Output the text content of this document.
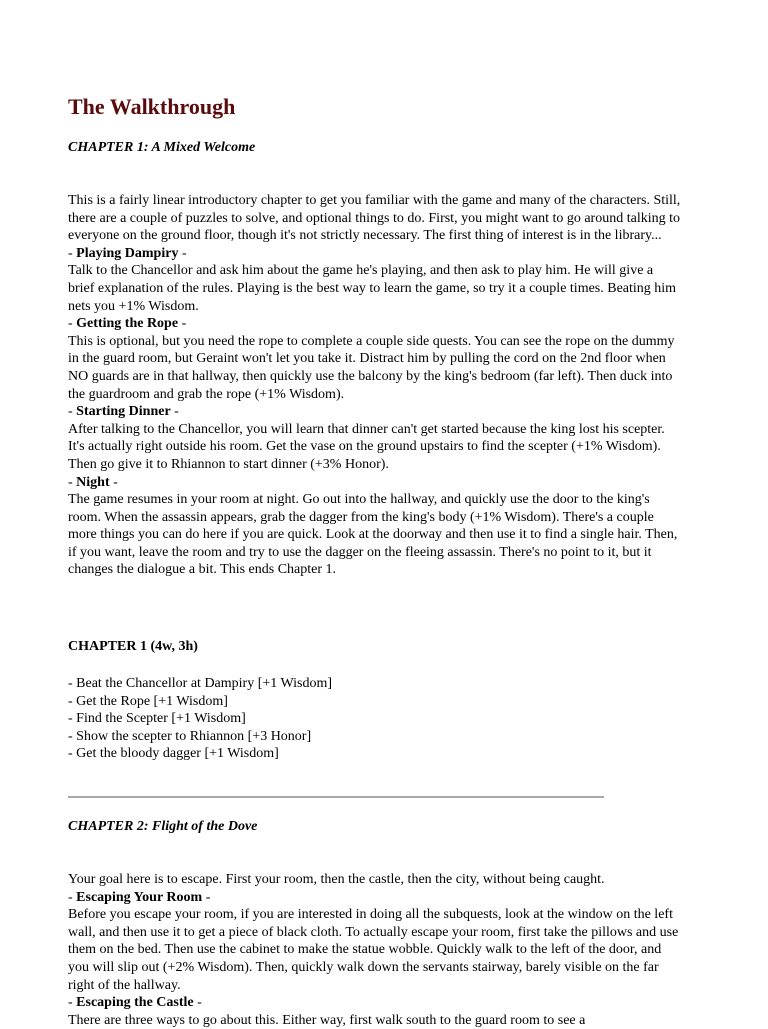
The Walkthrough
CHAPTER 1: A Mixed Welcome

This is a fairly linear introductory chapter to get you familiar with the game and many of the characters. Still, there are a couple of puzzles to solve, and optional things to do. First, you might want to go around talking to everyone on the ground floor, though it's not strictly necessary. The first thing of interest is in the library...

- Playing Dampiry -

Talk to the Chancellor and ask him about the game he's playing, and then ask to play him. He will give a brief explanation of the rules. Playing is the best way to learn the game, so try it a couple times. Beating him nets you +1% Wisdom.

- Getting the Rope -

This is optional, but you need the rope to complete a couple side quests. You can see the rope on the dummy in the guard room, but Geraint won't let you take it. Distract him by pulling the cord on the 2nd floor when NO guards are in that hallway, then quickly use the balcony by the king's bedroom (far left). Then duck into the guardroom and grab the rope (+1% Wisdom).

- Starting Dinner -

After talking to the Chancellor, you will learn that dinner can't get started because the king lost his scepter. It's actually right outside his room. Get the vase on the ground upstairs to find the scepter (+1% Wisdom). Then go give it to Rhiannon to start dinner (+3% Honor).

- Night -

The game resumes in your room at night. Go out into the hallway, and quickly use the door to the king's room. When the assassin appears, grab the dagger from the king's body (+1% Wisdom). There's a couple more things you can do here if you are quick. Look at the doorway and then use it to find a single hair. Then, if you want, leave the room and try to use the dagger on the fleeing assassin. There's no point to it, but it changes the dialogue a bit. This ends Chapter 1.

CHAPTER 1 (4w, 3h)
- Beat the Chancellor at Dampiry [+1 Wisdom]
- Get the Rope [+1 Wisdom]
- Find the Scepter [+1 Wisdom]
- Show the scepter to Rhiannon [+3 Honor]
- Get the bloody dagger [+1 Wisdom]
CHAPTER 2: Flight of the Dove

Your goal here is to escape. First your room, then the castle, then the city, without being caught.

- Escaping Your Room -

Before you escape your room, if you are interested in doing all the subquests, look at the window on the left wall, and then use it to get a piece of black cloth. To actually escape your room, first take the pillows and use them on the bed. Then use the cabinet to make the statue wobble. Quickly walk to the left of the door, and you will slip out (+2% Wisdom). Then, quickly walk down the servants stairway, barely visible on the far right of the hallway.

- Escaping the Castle -

There are three ways to go about this. Either way, first walk south to the guard room to see a
